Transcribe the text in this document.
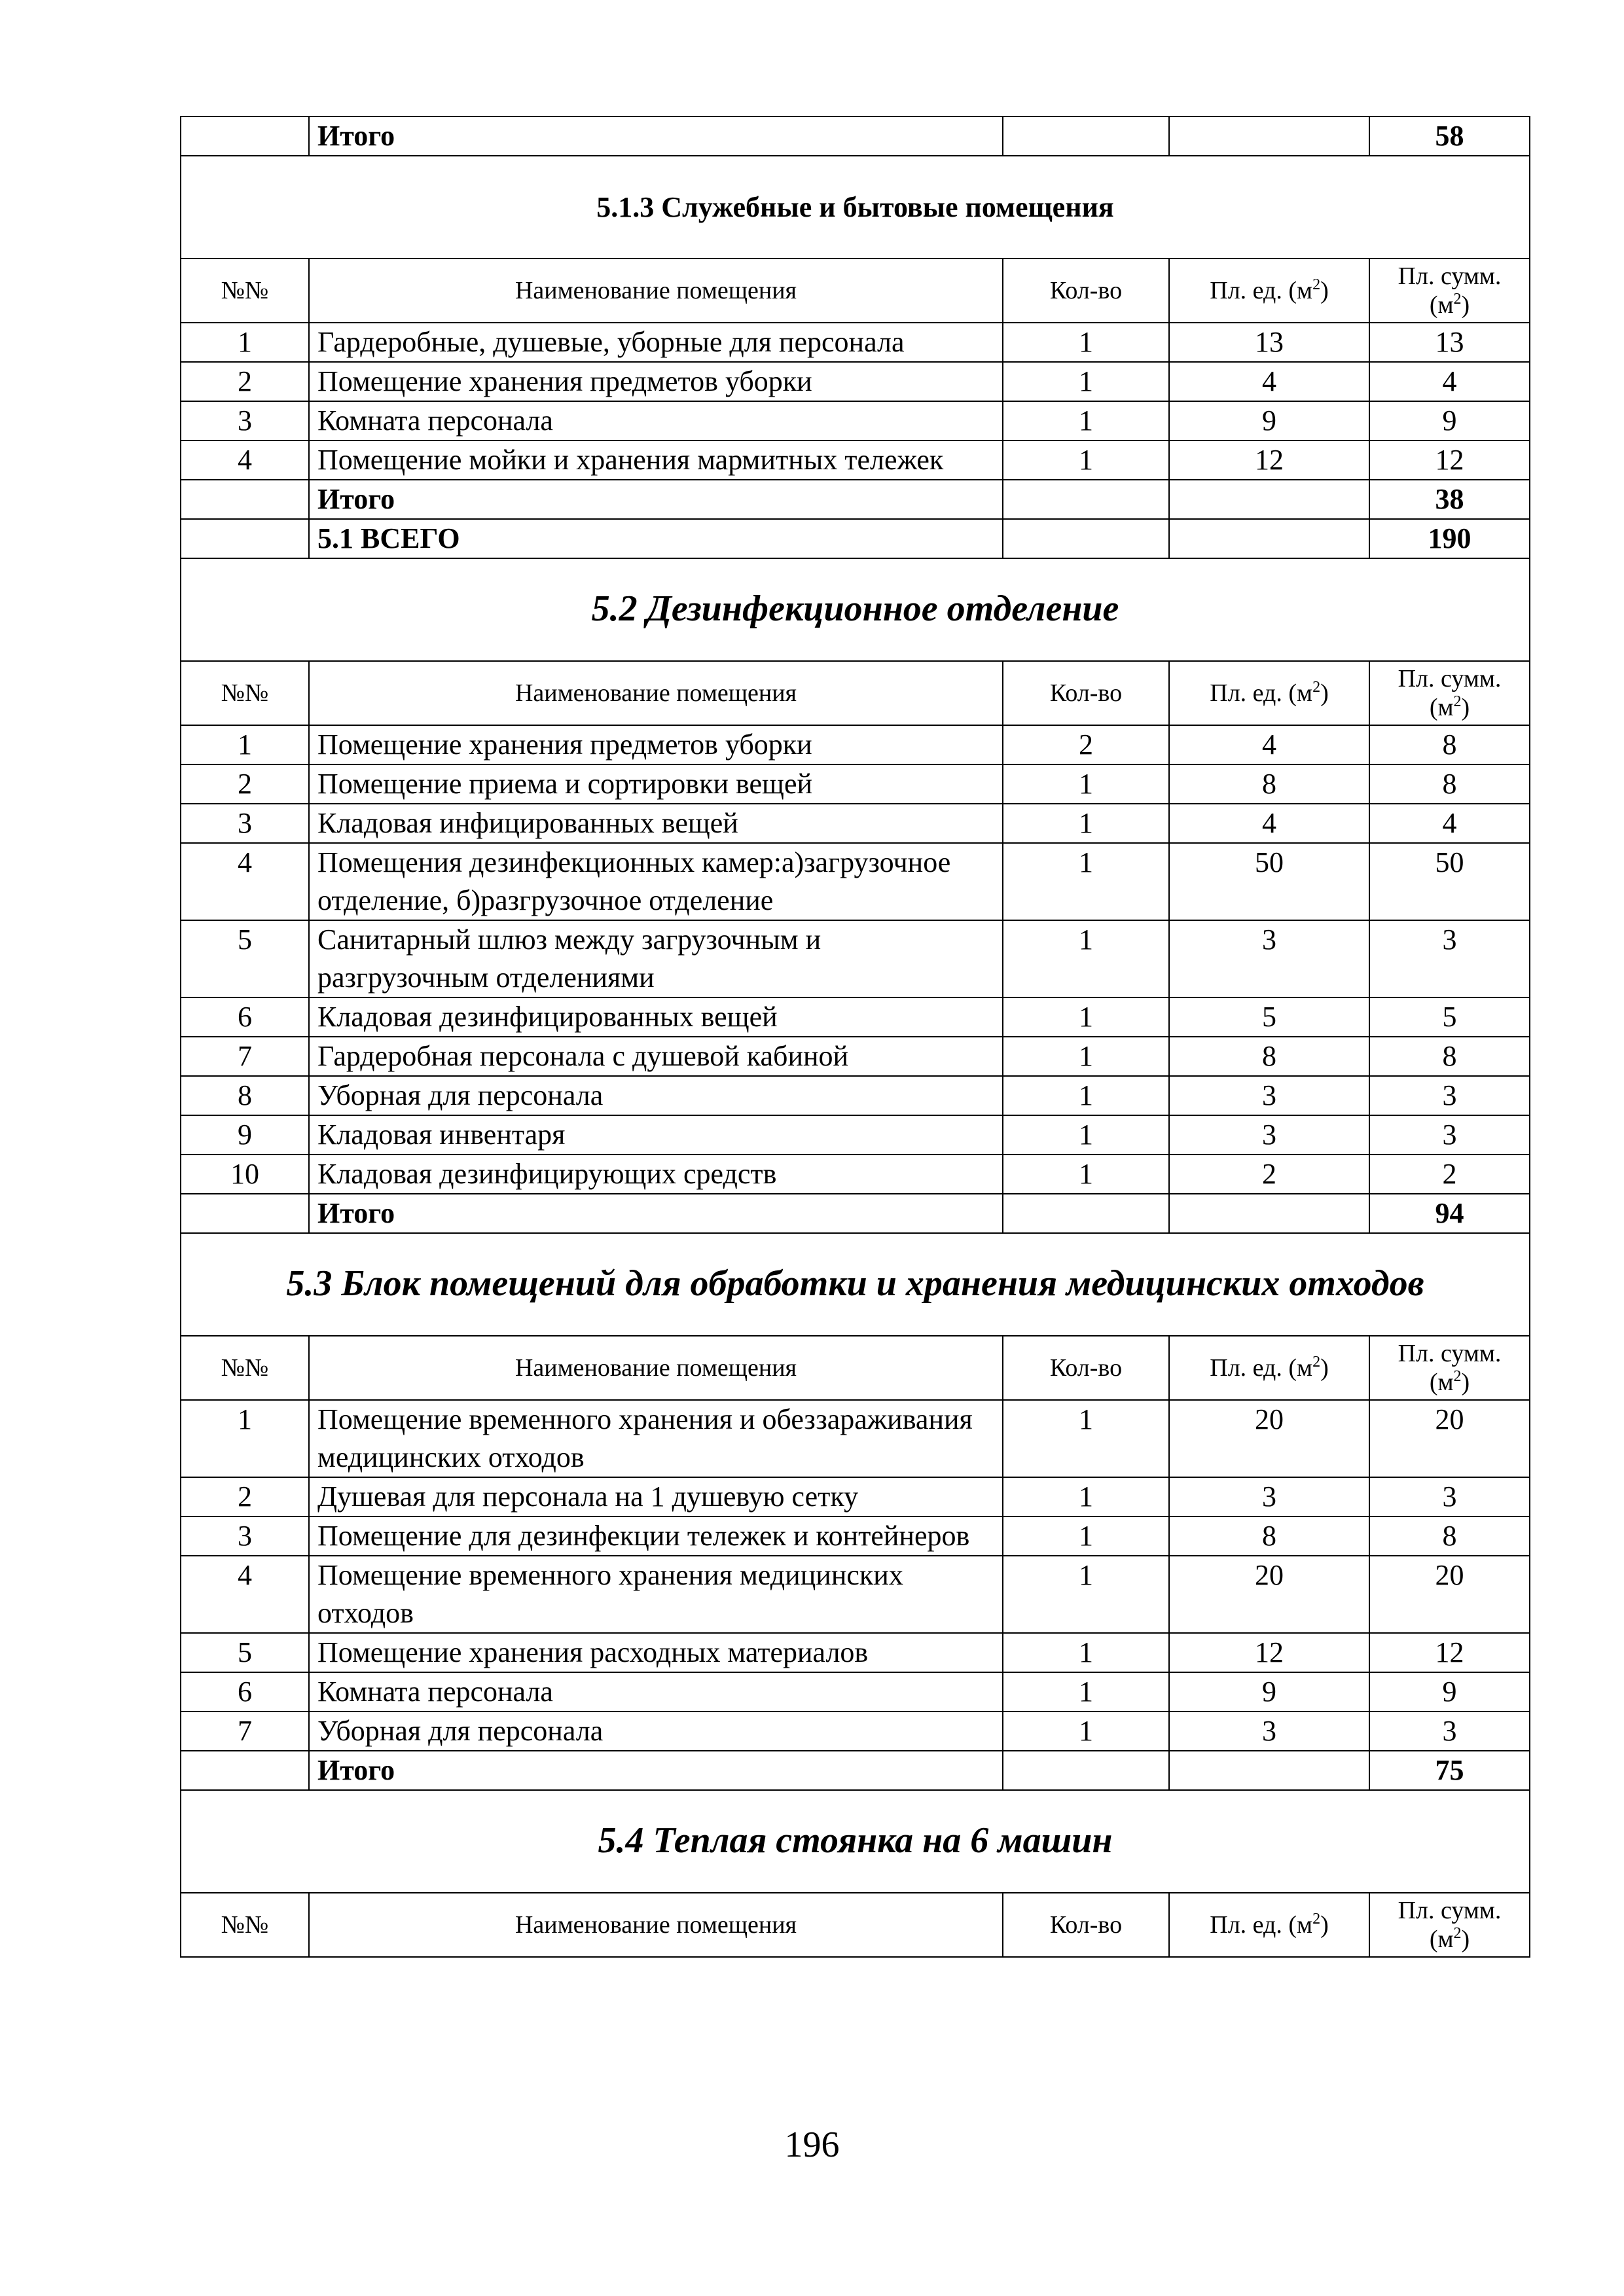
	Итого			58
5.1.3 Служебные и бытовые помещения				
№№	Наименование помещения	Кол-во	Пл. ед. $(м^2)$	Пл. сумм.
$(м^2)$
1	Гардеробные, душевые, уборные для персонала	1	13	13
2	Помещение хранения предметов уборки	1	4	4
3	Комната персонала	1	9	9
4	Помещение мойки и хранения мармитных тележек	1	12	12
	Итого			38
	5.1 ВСЕГО			190
5.2 Дезинфекционное отделение				
№№	Наименование помещения	Кол-во	Пл. ед. $(м^2)$	Пл. сумм.
$(м^2)$
1	Помещение хранения предметов уборки	2	4	8
2	Помещение приема и сортировки вещей	1	8	8
3	Кладовая инфицированных вещей	1	4	4
4	Помещения дезинфекционных камер:а)загрузочное отделение, б)разгрузочное отделение	1	50	50
5	Санитарный шлюз между загрузочным и разгрузочным отделениями	1	3	3
6	Кладовая дезинфицированных вещей	1	5	5
7	Гардеробная персонала с душевой кабиной	1	8	8
8	Уборная для персонала	1	3	3
9	Кладовая инвентаря	1	3	3
10	Кладовая дезинфицирующих средств	1	2	2
	Итого			94
5.3 Блок помещений для обработки и хранения медицинских отходов				
№№	Наименование помещения	Кол-во	Пл. ед. $(м^2)$	Пл. сумм.
$(м^2)$
1	Помещение временного хранения и обеззараживания медицинских отходов	1	20	20
2	Душевая для персонала на 1 душевую сетку	1	3	3
3	Помещение для дезинфекции тележек и контейнеров	1	8	8
4	Помещение временного хранения медицинских отходов	1	20	20
5	Помещение хранения расходных материалов	1	12	12
6	Комната персонала	1	9	9
7	Уборная для персонала	1	3	3
	Итого			75
5.4 Теплая стоянка на 6 машин				
№№	Наименование помещения	Кол-во	Пл. ед. $(м^2)$	Пл. сумм.
$(м^2)$
196
